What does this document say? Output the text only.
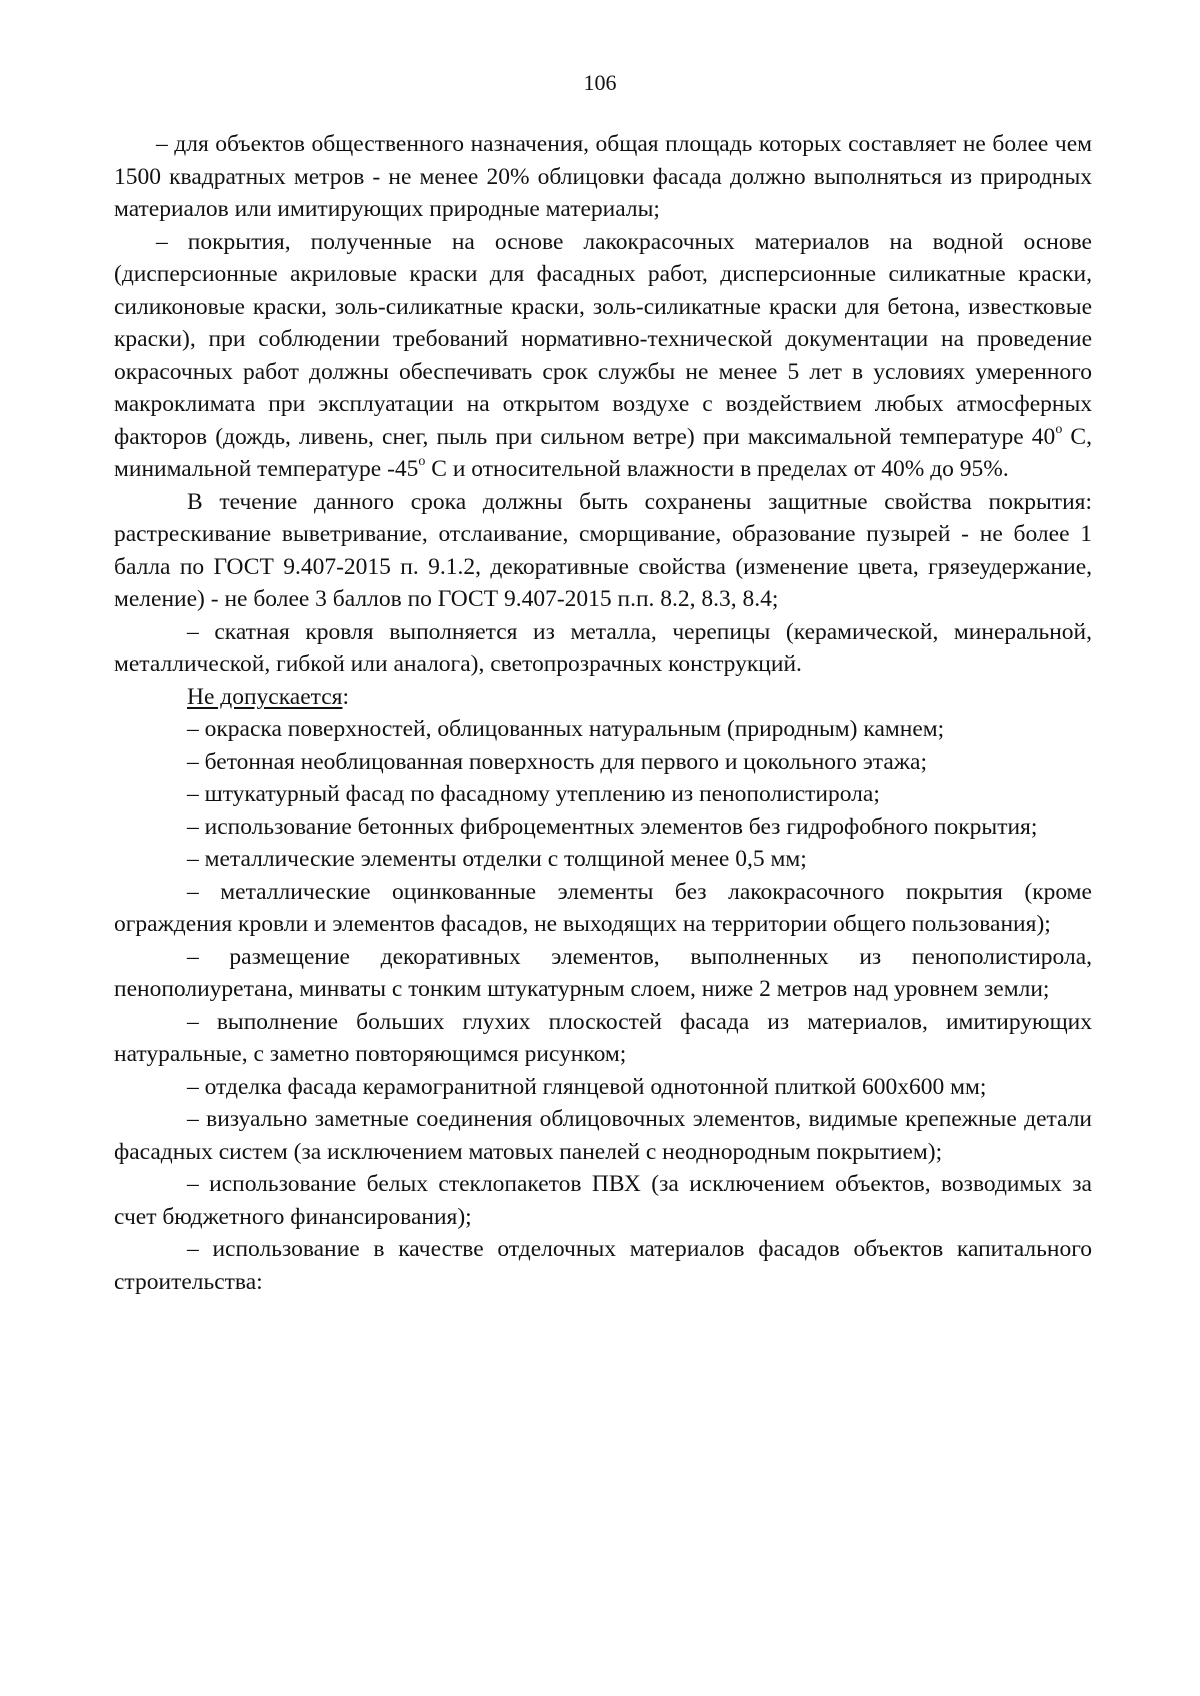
106

– для объектов общественного назначения, общая площадь которых составляет не более чем 1500 квадратных метров - не менее 20% облицовки фасада должно выполняться из природных материалов или имитирующих природные материалы;

– покрытия, полученные на основе лакокрасочных материалов на водной основе (дисперсионные акриловые краски для фасадных работ, дисперсионные силикатные краски, силиконовые краски, золь-силикатные краски, золь-силикатные краски для бетона, известковые краски), при соблюдении требований нормативно-технической документации на проведение окрасочных работ должны обеспечивать срок службы не менее 5 лет в условиях умеренного макроклимата при эксплуатации на открытом воздухе с воздействием любых атмосферных факторов (дождь, ливень, снег, пыль при сильном ветре) при максимальной температуре 40$^o$ С, минимальной температуре -45$^o$ С и относительной влажности в пределах от 40% до 95%.

В течение данного срока должны быть сохранены защитные свойства покрытия: растрескивание выветривание, отслаивание, сморщивание, образование пузырей - не более 1 балла по ГОСТ 9.407-2015 п. 9.1.2, декоративные свойства (изменение цвета, грязеудержание, меление) - не более 3 баллов по ГОСТ 9.407-2015 п.п. 8.2, 8.3, 8.4;

– скатная кровля выполняется из металла, черепицы (керамической, минеральной, металлической, гибкой или аналога), светопрозрачных конструкций.

Не допускается:

– окраска поверхностей, облицованных натуральным (природным) камнем;

– бетонная необлицованная поверхность для первого и цокольного этажа;

– штукатурный фасад по фасадному утеплению из пенополистирола;

– использование бетонных фиброцементных элементов без гидрофобного покрытия;

– металлические элементы отделки с толщиной менее 0,5 мм;

– металлические оцинкованные элементы без лакокрасочного покрытия (кроме ограждения кровли и элементов фасадов, не выходящих на территории общего пользования);

– размещение декоративных элементов, выполненных из пенополистирола, пенополиуретана, минваты с тонким штукатурным слоем, ниже 2 метров над уровнем земли;

– выполнение больших глухих плоскостей фасада из материалов, имитирующих натуральные, с заметно повторяющимся рисунком;

– отделка фасада керамогранитной глянцевой однотонной плиткой 600х600 мм;

– визуально заметные соединения облицовочных элементов, видимые крепежные детали фасадных систем (за исключением матовых панелей с неоднородным покрытием);

– использование белых стеклопакетов ПВХ (за исключением объектов, возводимых за счет бюджетного финансирования);

– использование в качестве отделочных материалов фасадов объектов капитального строительства:
